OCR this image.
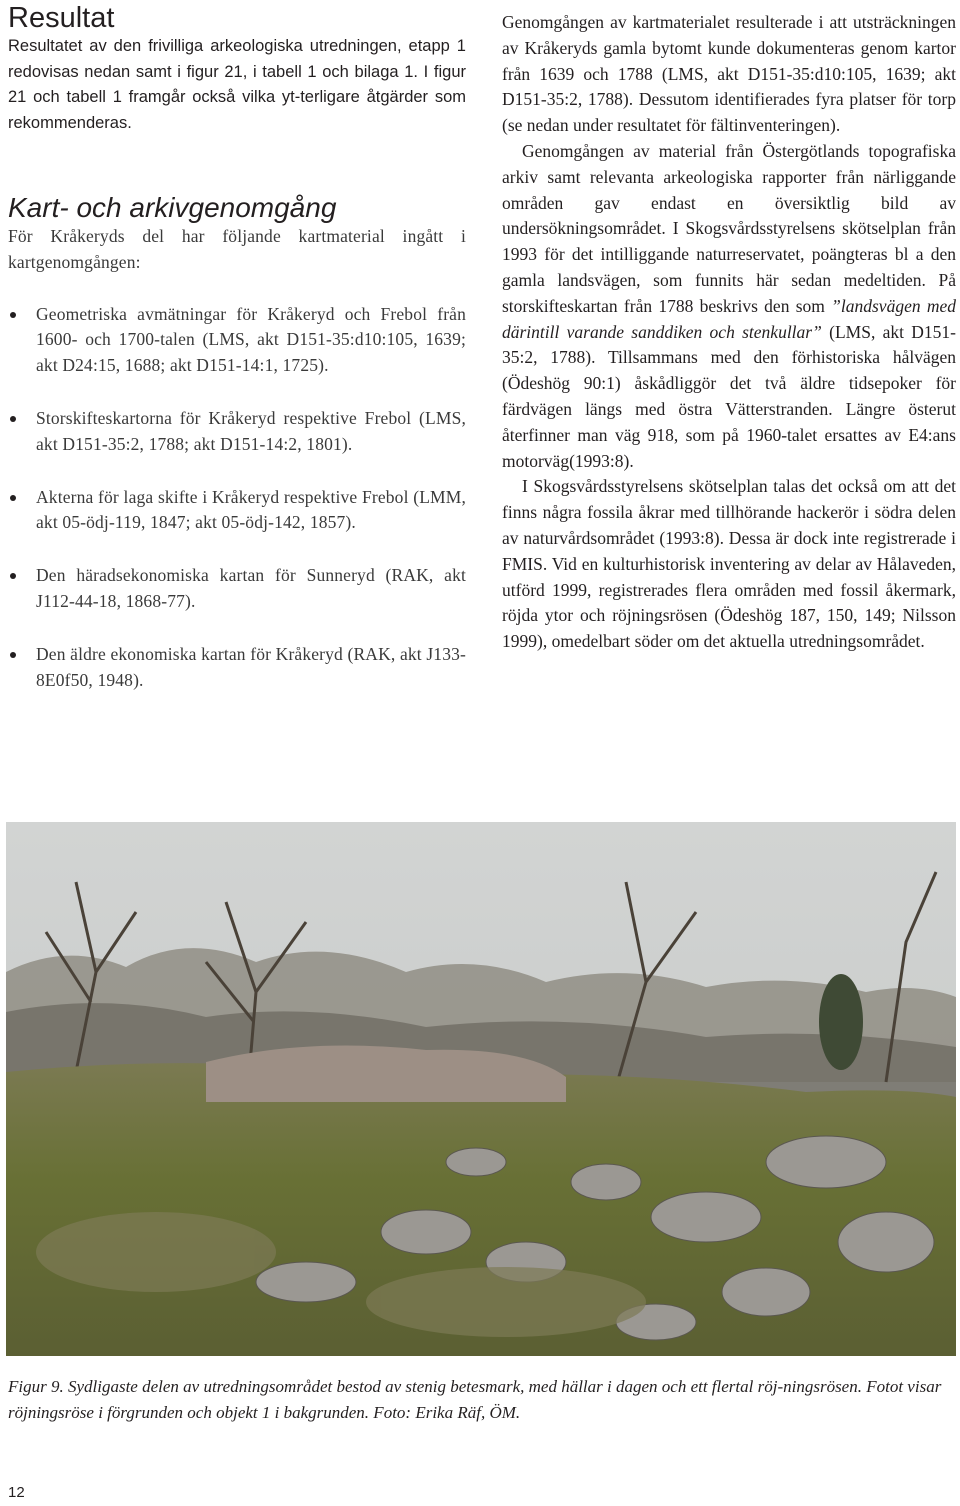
Resultat

Resultatet av den frivilliga arkeologiska utredningen, etapp 1 redovisas nedan samt i figur 21, i tabell 1 och bilaga 1. I figur 21 och tabell 1 framgår också vilka yt-terligare åtgärder som rekommenderas.

Kart- och arkivgenomgång

För Kråkeryds del har följande kartmaterial ingått i kartgenomgången:

Geometriska avmätningar för Kråkeryd och Frebol från 1600- och 1700-talen (LMS, akt D151-35:d10:105, 1639; akt D24:15, 1688; akt D151-14:1, 1725).
Storskifteskartorna för Kråkeryd respektive Frebol (LMS, akt D151-35:2, 1788; akt D151-14:2, 1801).
Akterna för laga skifte i Kråkeryd respektive Frebol (LMM, akt 05-ödj-119, 1847; akt 05-ödj-142, 1857).
Den häradsekonomiska kartan för Sunneryd (RAK, akt J112-44-18, 1868-77).
Den äldre ekonomiska kartan för Kråkeryd (RAK, akt J133-8E0f50, 1948).

Genomgången av kartmaterialet resulterade i att utsträckningen av Kråkeryds gamla bytomt kunde dokumenteras genom kartor från 1639 och 1788 (LMS, akt D151-35:d10:105, 1639; akt D151-35:2, 1788). Dessutom identifierades fyra platser för torp (se nedan under resultatet för fältinventeringen).

Genomgången av material från Östergötlands topografiska arkiv samt relevanta arkeologiska rapporter från närliggande områden gav endast en översiktlig bild av undersökningsområdet. I Skogsvårdsstyrelsens skötselplan från 1993 för det intilliggande naturreservatet, poängteras bl a den gamla landsvägen, som funnits här sedan medeltiden. På storskifteskartan från 1788 beskrivs den som ”landsvägen med därintill varande sanddiken och stenkullar” (LMS, akt D151-35:2, 1788). Tillsammans med den förhistoriska hålvägen (Ödeshög 90:1) åskådliggör det två äldre tidsepoker för färdvägen längs med östra Vätterstranden. Längre österut återfinner man väg 918, som på 1960-talet ersattes av E4:ans motorväg(1993:8).

I Skogsvårdsstyrelsens skötselplan talas det också om att det finns några fossila åkrar med tillhörande hackerör i södra delen av naturvårdsområdet (1993:8). Dessa är dock inte registrerade i FMIS. Vid en kulturhistorisk inventering av delar av Hålaveden, utförd 1999, registrerades flera områden med fossil åkermark, röjda ytor och röjningsrösen (Ödeshög 187, 150, 149; Nilsson 1999), omedelbart söder om det aktuella utredningsområdet.

Figur 9. Sydligaste delen av utredningsområdet bestod av stenig betesmark, med hällar i dagen och ett flertal röj-ningsrösen. Fotot visar röjningsröse i förgrunden och objekt 1 i bakgrunden. Foto: Erika Räf, ÖM.

12
